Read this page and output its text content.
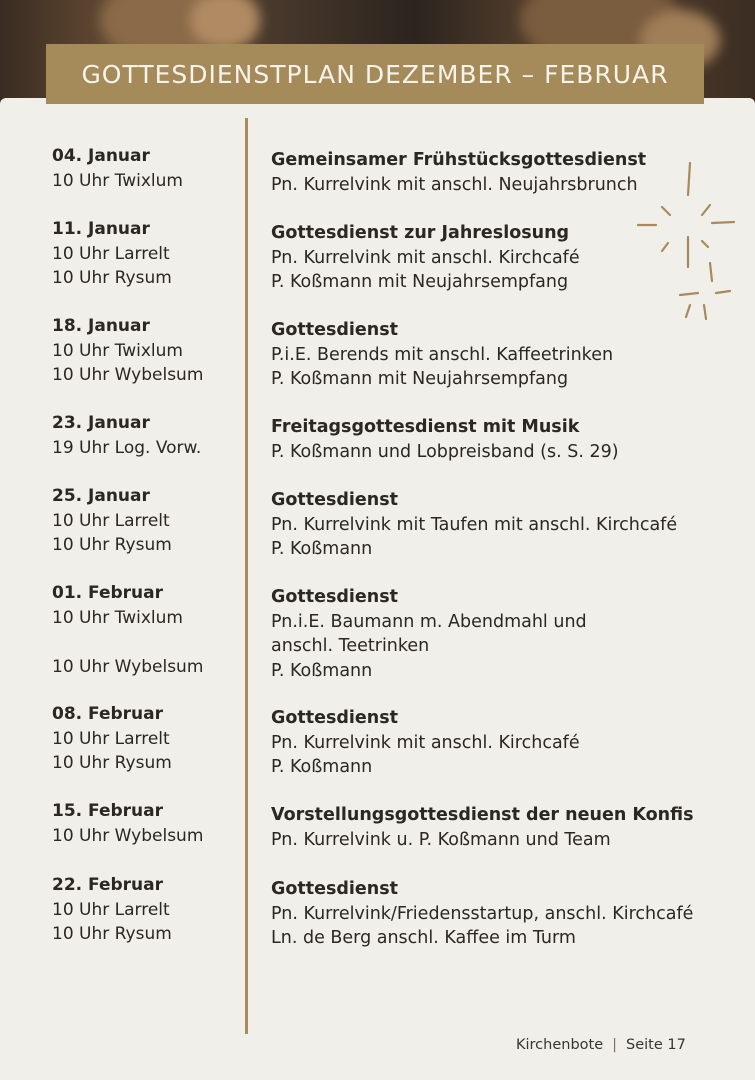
GOTTESDIENSTPLAN DEZEMBER – FEBRUAR
04. Januar
10 Uhr Twixlum
Gemeinsamer Frühstücksgottesdienst
Pn. Kurrelvink mit anschl. Neujahrsbrunch
11. Januar
10 Uhr Larrelt
10 Uhr Rysum
Gottesdienst zur Jahreslosung
Pn. Kurrelvink mit anschl. Kirchcafé
P. Koßmann mit Neujahrsempfang
18. Januar
10 Uhr Twixlum
10 Uhr Wybelsum
Gottesdienst
P.i.E. Berends mit anschl. Kaffeetrinken
P. Koßmann mit Neujahrsempfang
23. Januar
19 Uhr Log. Vorw.
Freitagsgottesdienst mit Musik
P. Koßmann und Lobpreisband (s. S. 29)
25. Januar
10 Uhr Larrelt
10 Uhr Rysum
Gottesdienst
Pn. Kurrelvink mit Taufen mit anschl. Kirchcafé
P. Koßmann
01. Februar
10 Uhr Twixlum
10 Uhr Wybelsum
Gottesdienst
Pn.i.E. Baumann m. Abendmahl und
anschl. Teetrinken
P. Koßmann
08. Februar
10 Uhr Larrelt
10 Uhr Rysum
Gottesdienst
Pn. Kurrelvink mit anschl. Kirchcafé
P. Koßmann
15. Februar
10 Uhr Wybelsum
Vorstellungsgottesdienst der neuen Konfis
Pn. Kurrelvink u. P. Koßmann und Team
22. Februar
10 Uhr Larrelt
10 Uhr Rysum
Gottesdienst
Pn. Kurrelvink/Friedensstartup, anschl. Kirchcafé
Ln. de Berg anschl. Kaffee im Turm
Kirchenbote | Seite 17
